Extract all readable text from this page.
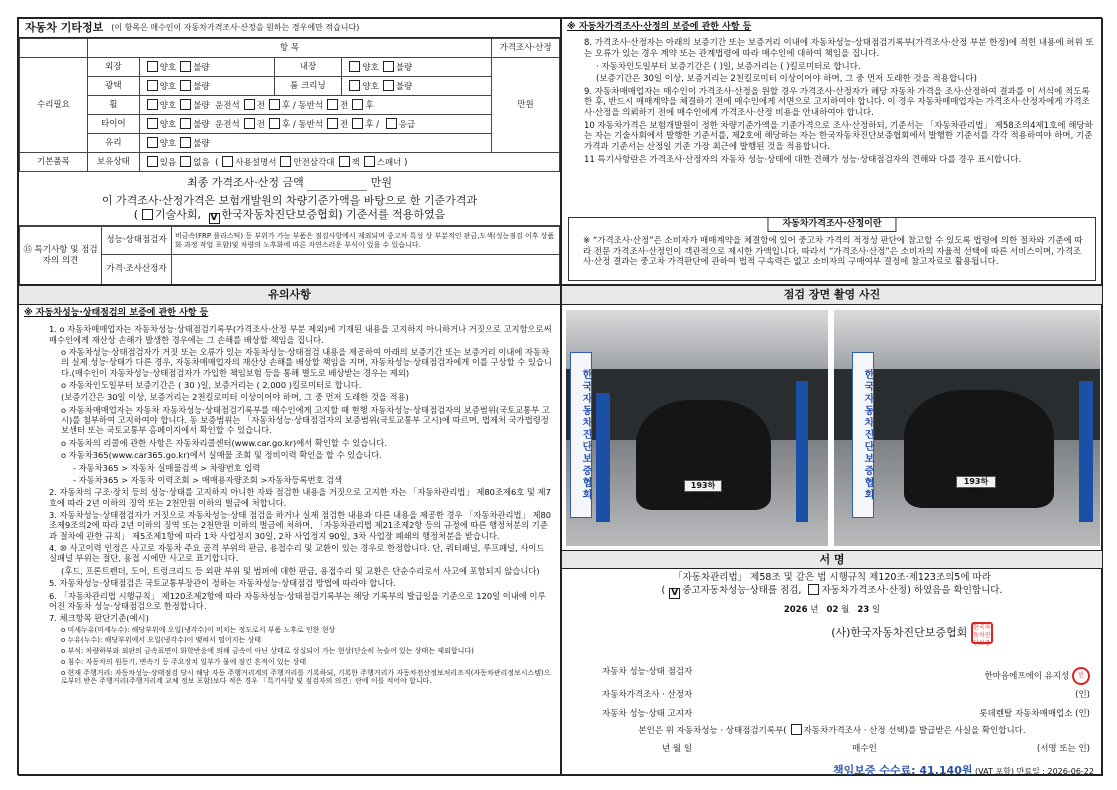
자동차 기타정보 (이 항목은 매수인이 자동차가격조사·산정을 원하는 경우에만 적습니다)
	항 목				가격조사·산정
수리필요	외장	양호 불량	내장	양호 불량	만원
	광택	양호 불량	룸 크리닝	양호 불량	
	휠	양호 불량 운전석 전 후 / 동반석 전 후			
	타이어	양호 불량 운전석 전 후 / 동반석 전 후 / 응급			
	유리	양호 불량			
기본품목	보유상태	있음 없음 ( 사용설명서 안전삼각대 잭 스패너 )			
최종 가격조사·산정 금액	만원
이 가격조사·산정가격은 보험개발원의 차량기준가액을 바탕으로 한 기준가격과
( 기술사회, V 한국자동차진단보증협회) 기준서를 적용하였음
⑮ 특기사항 및 점검자의 의견	성능·상태점검자	비금속(FRP 플라스틱) 등 부위가 가능 부품은 점검사항에서 제외되며 중고차 특성 상 부분적인 판금,도색(성능점검 이후 상품화 과정 작업 포함)및 차량의 노후화에 따른 자연스러운 부식이 있을 수 있습니다.
	가격·조사산정자	
※ 자동차가격조사·산정의 보증에 관한 사항 등

8. 가격조사·산정자는 아래의 보증기간 또는 보증거리 이내에 자동차성능·상태점검기록부(가격조사·산정 부분 한정)에 적힌 내용에 허위 또는 오류가 있는 경우 계약 또는 관계법령에 따라 매수인에 대하여 책임을 집니다.

· 자동차인도일부터 보증기간은 ( )일, 보증거리는 ( )킬로미터로 합니다.

(보증기간은 30일 이상, 보증거리는 2천킬로미터 이상이어야 하며, 그 중 먼저 도래한 것을 적용합니다)

9. 자동차매매업자는 매수인이 가격조사·산정을 원할 경우 가격조사·산정자가 해당 자동차 가격을 조사·산정하여 결과를 이 서식에 적도록 한 후, 반드시 매매계약을 체결하기 전에 매수인에게 서면으로 고지하여야 합니다. 이 경우 자동차매매업자는 가격조사·산정자에게 가격조사·산정을 의뢰하기 전에 매수인에게 가격조사·산정 비용을 안내하여야 합니다.

10 자동차가격은 보험개발원이 정한 차량기준가액을 기준가격으로 조사·산정하되, 기준서는 「자동차관리법」 제58조의4제1호에 해당하는 자는 기술사회에서 발행한 기준서를, 제2호에 해당하는 자는 한국자동차진단보증협회에서 발행한 기준서를 각각 적용하여야 하며, 기준가격과 기준서는 산정일 기준 가장 최근에 발행된 것을 적용합니다.

11 특기사항란은 가격조사·산정자의 자동차 성능·상태에 대한 견해가 성능·상태점검자의 견해와 다를 경우 표시합니다.

자동차가격조사·산정이란
※ “가격조사·산정”은 소비자가 매매계약을 체결함에 있어 중고차 가격의 적정성 판단에 참고할 수 있도록 법령에 의한 절차와 기준에 따라 전문 가격조사·산정인이 객관적으로 제시한 가액입니다. 따라서 “가격조사·산정”은 소비자의 자율적 선택에 따른 서비스이며, 가격조사·산정 결과는 중고차 가격판단에 관하여 법적 구속력은 없고 소비자의 구매여부 결정에 참고자료로 활용됩니다.
유의사항
※ 자동차성능·상태점검의 보증에 관한 사항 등

1. o 자동차매매업자는 자동차성능·상태점검기록부(가격조사·산정 부분 제외)에 기재된 내용을 고지하지 아니하거나 거짓으로 고지함으로써 매수인에게 재산상 손해가 발생한 경우에는 그 손해를 배상할 책임을 집니다.

o 자동차성능·상태점검자가 거짓 또는 오류가 있는 자동차성능·상태점검 내용을 제공하여 아래의 보증기간 또는 보증거리 이내에 자동차의 실제 성능·상태가 다른 경우, 자동차매매업자의 재산상 손해를 배상할 책임을 지며, 자동차성능·상태점검자에게 이를 구상할 수 있습니다.(매수인이 자동차성능·상태점검자가 가입한 책임보험 등을 통해 별도로 배상받는 경우는 제외)

o 자동차인도일부터 보증기간은 ( 30 )일, 보증거리는 ( 2,000 )킬로미터로 합니다.

(보증기간은 30일 이상, 보증거리는 2천킬로미터 이상이어야 하며, 그 중 먼저 도래한 것을 적용)

o 자동차매매업자는 자동차 자동차성능·상태점검기록부를 매수인에게 고지할 때 현행 자동차성능·상태점검자의 보증범위(국토교통부 고시)를 첨부하여 고지하여야 합니다. 동 보증범위는 「자동차성능·상태점검자의 보증범위(국토교통부 고시)에 따르며, 법제처 국가법령정보센터 또는 국토교통부 홈페이지에서 확인할 수 있습니다.

o 자동차의 리콜에 관한 사항은 자동차리콜센터(www.car.go.kr)에서 확인할 수 있습니다.

o 자동차365(www.car365.go.kr)에서 실매물 조회 및 정비이력 확인을 할 수 있습니다.

- 자동차365 > 자동차 실매물검색 > 차량번호 입력

- 자동차365 > 자동차 이력조회 > 매매용자량조회 >자동차등록번호 검색

2. 자동차의 구조·장치 등의 성능·상태를 고지하지 아니한 자와 점검한 내용을 거짓으로 고지한 자는 「자동차관리법」 제80조제6호 및 제7호에 따라 2년 이하의 징역 또는 2천만원 이하의 벌금에 처합니다.

3. 자동차성능·상태점검자가 거짓으로 자동차성능·상태 점검을 하거나 실제 점검한 내용과 다른 내용을 제공한 경우 「자동차관리법」 제80조제9조의2에 따라 2년 이하의 징역 또는 2천만원 이하의 벌금에 처하며, 「자동차관리법 제21조제2항 등의 규정에 따른 행정처분의 기준과 절차에 관한 규칙」 제5조제1항에 따라 1차 사업정지 30일, 2차 사업정지 90일, 3차 사업장 폐쇄의 행정처분을 받습니다.

4. ⑩ 사고이력 인정은 사고로 자동차 주요 골격 부위의 판금, 용접수리 및 교환이 있는 경우로 한정합니다. 단, 쿼터패널, 루프패널, 사이드실패널 부위는 절단, 용접 시에만 사고로 표기합니다.

(후드, 프론트펜더, 도어, 트렁크리드 등 외판 부위 및 범퍼에 대한 판금, 용접수리 및 교환은 단순수리로서 사고에 포함되지 않습니다)

5. 자동차성능·상태점검은 국토교통부장관이 정하는 자동차성능·상태점검 방법에 따라야 합니다.

6. 「자동차관리법 시행규칙」 제120조제2항에 따라 자동차성능·상태점검기록부는 해당 기록부의 발급일을 기준으로 120일 이내에 이루어진 자동차 성능·상태점검으로 한정합니다.

7. 체크항목 판단기준(예시)

o 미세누유(미세누수): 해당부위에 오일(냉각수)이 비치는 정도로서 부품 노후로 인한 현상

o 누유(누수): 해당부위에서 오일(냉각수)이 맺혀서 떨어지는 상태

o 부식: 차량하부와 외판의 금속표면이 화학반응에 의해 금속이 아닌 상태로 상실되어 가는 현상(단순히 녹슬어 있는 상태는 제외합니다)

o 침수: 자동차의 원동기, 변속기 등 주요장치 일부가 물에 잠긴 흔적이 있는 상태

o 현재 주행거리: 자동차성능·상태점검 당시 해당 자동 주행거리계의 주행거리를 기록하되, 기록한 주행거리가 자동차전산정보처리조직(자동차관리정보시스템)으로부터 받은 주행거리(주행거리계 교체 정보 포함)보다 적은 경우 「특기사항 및 점검자의 의견」란에 이를 적어야 합니다.

점검 장면 촬영 사진
한국자동차진단보증협회	193하8702	한국자동차진단보증협회	193하8702
서 명
「자동차관리법」 제58조 및 같은 법 시행규칙 제120조·제123조의5에 따라
( V 중고자동차성능·상태를 점검, 자동차가격조사·산정) 하였음을 확인합니다.
2026 년 02 월 23 일
(사)한국자동차진단보증협회 한국자동차진단보증
자동차 성능·상태 점검자	한마음에프에이 유지성 인
자동차가격조사 · 산정자	(인)
자동차 성능·상태 고지자	롯데렌탈 자동차매매업소 (인)
본인은 위 자동차성능 · 상태점검기록부( 자동차가격조사 · 산정 선택)를 발급받은 사실을 확인합니다.
년 월 일	매수인	(서명 또는 인)
책임보증 수수료: 41,140원 (VAT 포함) 만료일 : 2026-06-22
